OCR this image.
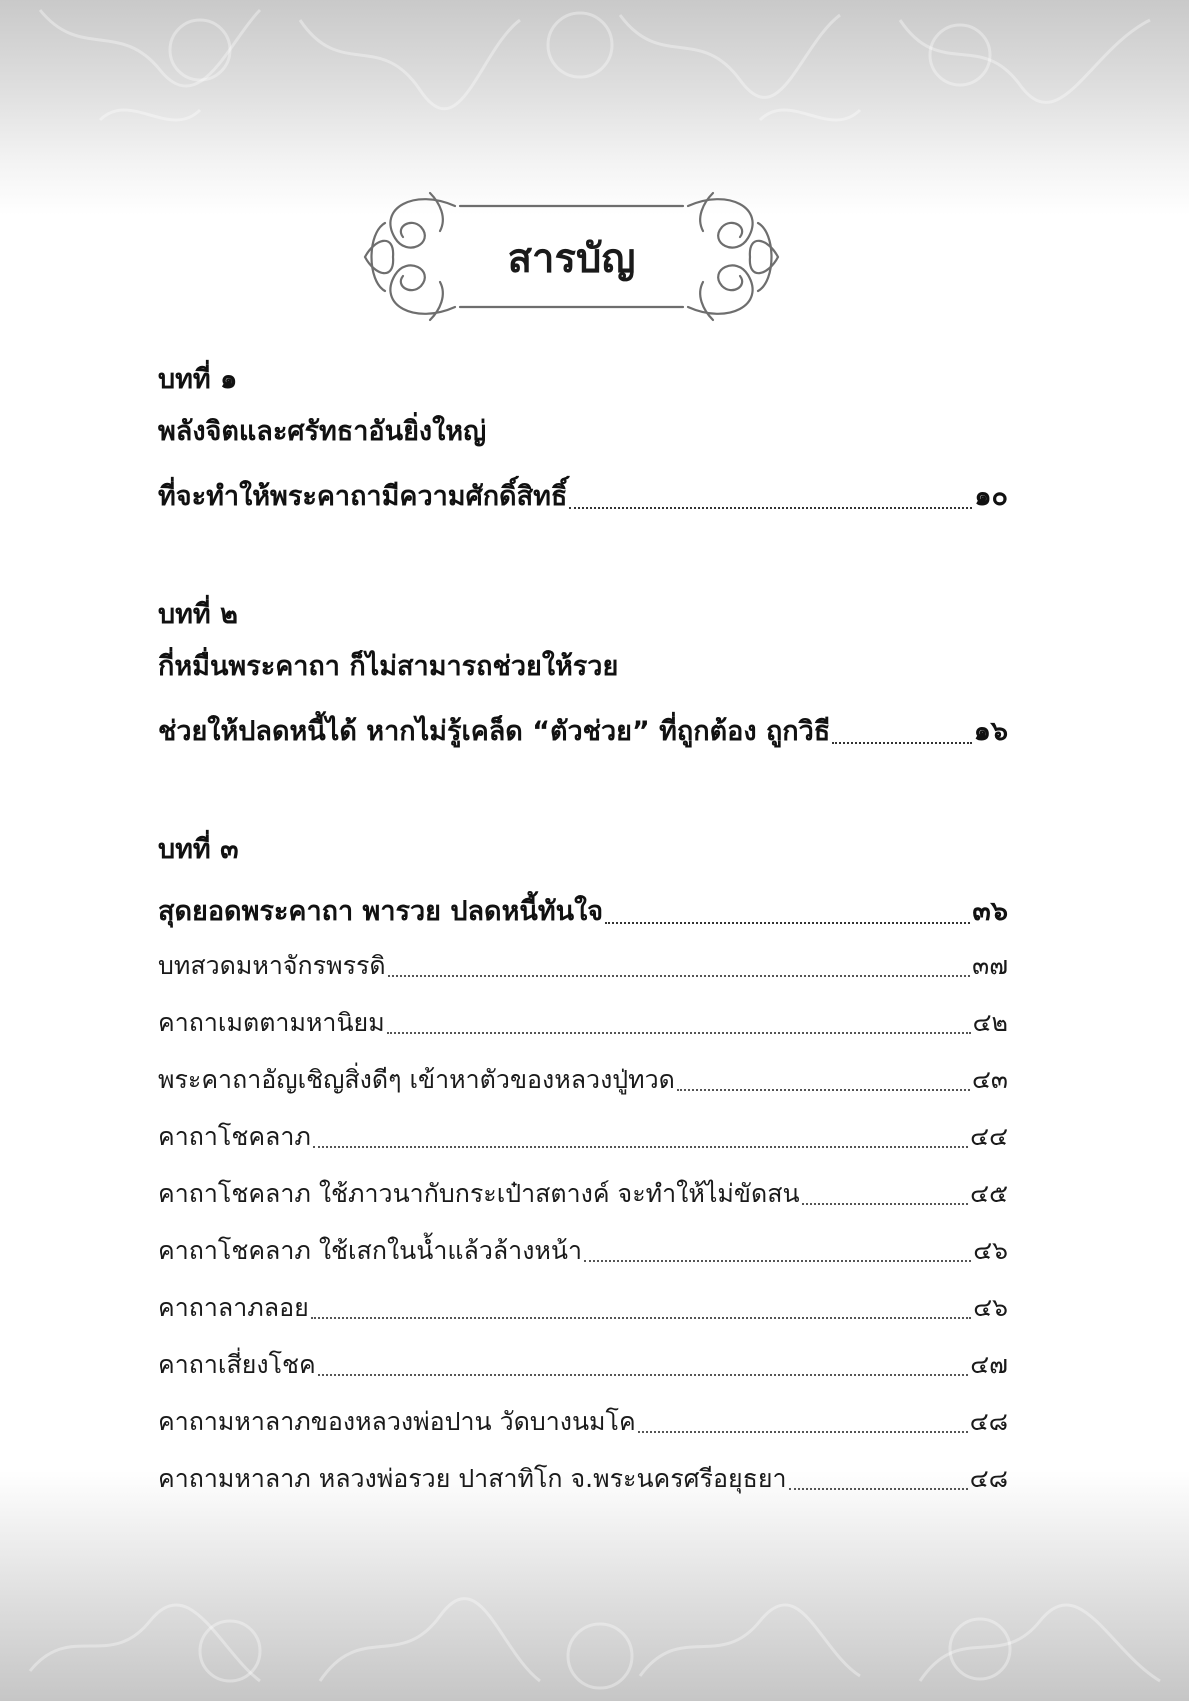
สารบัญ
บทที่ ๑
พลังจิตและศรัทธาอันยิ่งใหญ่
ที่จะทำให้พระคาถามีความศักดิ์สิทธิ์	๑๐
บทที่ ๒
กี่หมื่นพระคาถา ก็ไม่สามารถช่วยให้รวย
ช่วยให้ปลดหนี้ได้ หากไม่รู้เคล็ด “ตัวช่วย” ที่ถูกต้อง ถูกวิธี	๑๖
บทที่ ๓
สุดยอดพระคาถา พารวย ปลดหนี้ทันใจ	๓๖
บทสวดมหาจักรพรรดิ	๓๗
คาถาเมตตามหานิยม	๔๒
พระคาถาอัญเชิญสิ่งดีๆ เข้าหาตัวของหลวงปู่ทวด	๔๓
คาถาโชคลาภ	๔๔
คาถาโชคลาภ ใช้ภาวนากับกระเป๋าสตางค์ จะทำให้ไม่ขัดสน	๔๕
คาถาโชคลาภ ใช้เสกในน้ำแล้วล้างหน้า	๔๖
คาถาลาภลอย	๔๖
คาถาเสี่ยงโชค	๔๗
คาถามหาลาภของหลวงพ่อปาน วัดบางนมโค	๔๘
คาถามหาลาภ หลวงพ่อรวย ปาสาทิโก จ.พระนครศรีอยุธยา	๔๘
